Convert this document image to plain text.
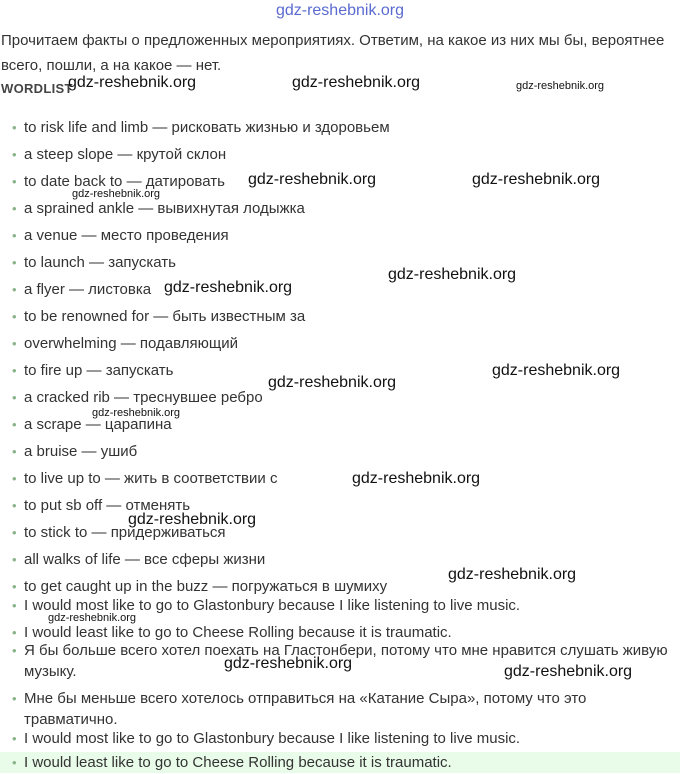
gdz-reshebnik.org
Прочитаем факты о предложенных мероприятиях. Ответим, на какое из них мы бы, вероятнее всего, пошли, а на какое — нет.
WORDLIST
• to risk life and limb — рисковать жизнью и здоровьем
• a steep slope — крутой склон
• to date back to — датировать
• a sprained ankle — вывихнутая лодыжка
• a venue — место проведения
• to launch — запускать
• a flyer — листовка
• to be renowned for — быть известным за
• overwhelming — подавляющий
• to fire up — запускать
• a cracked rib — треснувшее ребро
• a scrape — царапина
• a bruise — ушиб
• to live up to — жить в соответствии с
• to put sb off — отменять
• to stick to — придерживаться
• all walks of life — все сферы жизни
• to get caught up in the buzz — погружаться в шумиху
• I would most like to go to Glastonbury because I like listening to live music.
• I would least like to go to Cheese Rolling because it is traumatic.
• Я бы больше всего хотел поехать на Гластонбери, потому что мне нравится слушать живую музыку.
• Мне бы меньше всего хотелось отправиться на «Катание Сыра», потому что это травматично.
• I would most like to go to Glastonbury because I like listening to live music.
• I would least like to go to Cheese Rolling because it is traumatic.
gdz-reshebnik.org	gdz-reshebnik.org	gdz-reshebnik.org
gdz-reshebnik.org	gdz-reshebnik.org
gdz-reshebnik.org
gdz-reshebnik.org
gdz-reshebnik.org
gdz-reshebnik.org
gdz-reshebnik.org
gdz-reshebnik.org
gdz-reshebnik.org
gdz-reshebnik.org
gdz-reshebnik.org
gdz-reshebnik.org
gdz-reshebnik.org	gdz-reshebnik.org
